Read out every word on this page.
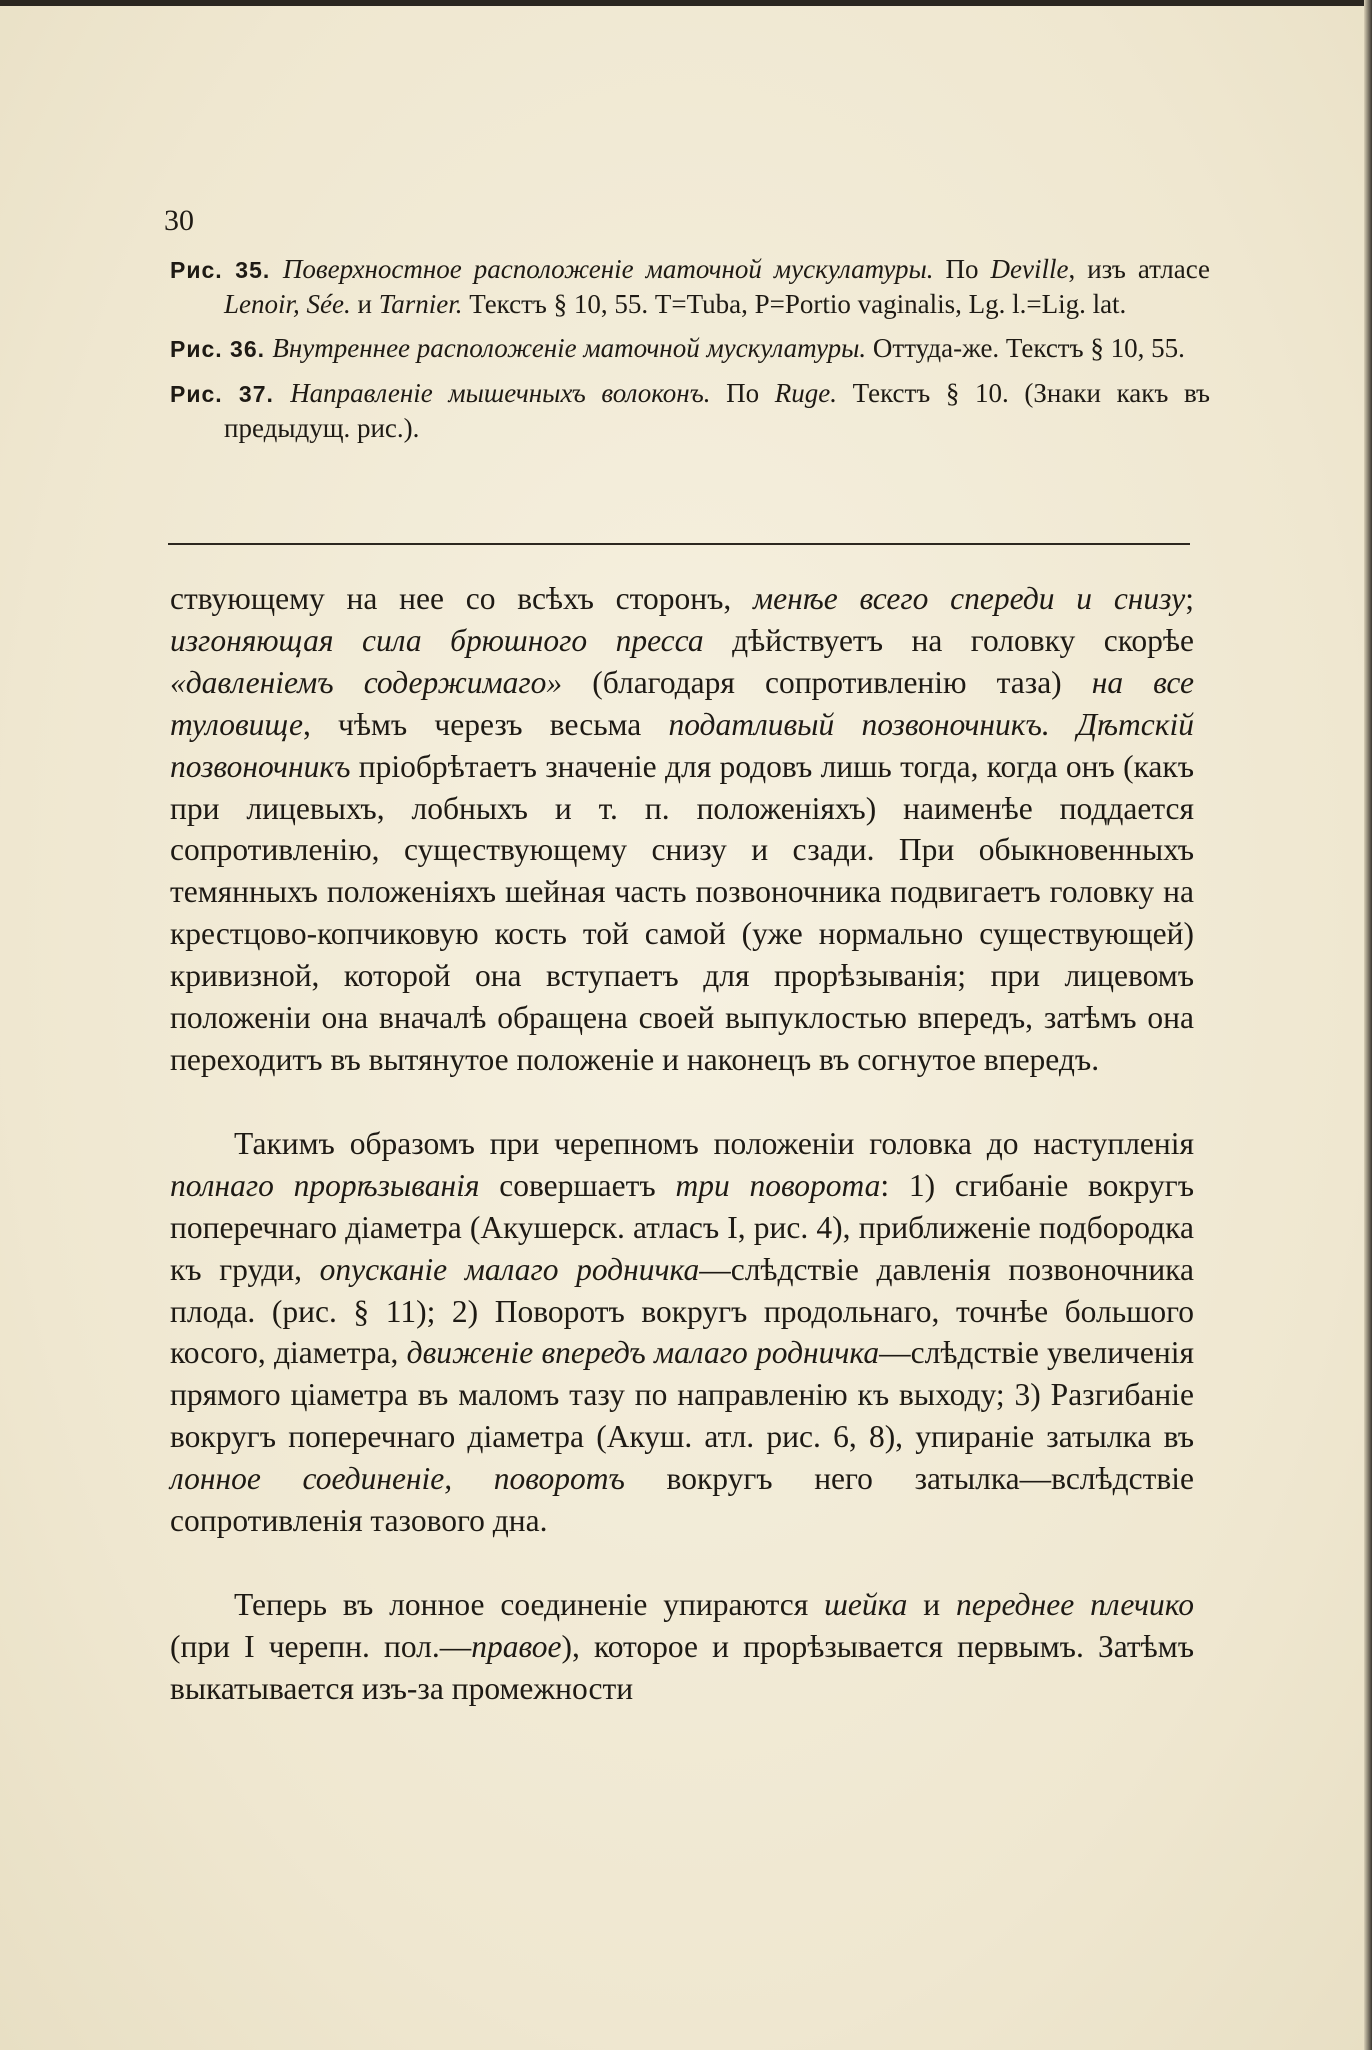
30

Рис. 35. Поверхностное расположеніе маточной мускулатуры. По Deville, изъ атласе Lenoir, Sée. и Tarnier. Текстъ § 10, 55. T=Tuba, P=Portio vaginalis, Lg. l.=Lig. lat.

Рис. 36. Внутреннее расположеніе маточной мускулатуры. Оттуда-же. Текстъ § 10, 55.

Рис. 37. Направленіе мышечныхъ волоконъ. По Ruge. Текстъ § 10. (Знаки какъ въ предыдущ. рис.).

ствующему на нее со всѣхъ сторонъ, менѣе всего спереди и снизу; изгоняющая сила брюшного пресса дѣйствуетъ на головку скорѣе «давленіемъ содержимаго» (благодаря сопротивленію таза) на все туловище, чѣмъ черезъ весьма податливый позвоночникъ. Дѣтскій позвоночникъ пріобрѣтаетъ значеніе для родовъ лишь тогда, когда онъ (какъ при лицевыхъ, лобныхъ и т. п. положеніяхъ) наименѣе поддается сопротивленію, существующему снизу и сзади. При обыкновенныхъ темянныхъ положеніяхъ шейная часть позвоночника подвигаетъ головку на крестцово-копчиковую кость той самой (уже нормально существующей) кривизной, которой она вступаетъ для прорѣзыванія; при лицевомъ положеніи она вначалѣ обращена своей выпуклостью впередъ, затѣмъ она переходитъ въ вытянутое положеніе и наконецъ въ согнутое впередъ.

Такимъ образомъ при черепномъ положеніи головка до наступленія полнаго прорѣзыванія совершаетъ три поворота: 1) сгибаніе вокругъ поперечнаго діаметра (Акушерск. атласъ I, рис. 4), приближеніе подбородка къ груди, опусканіе малаго родничка—слѣдствіе давленія позвоночника плода. (рис. § 11); 2) Поворотъ вокругъ продольнаго, точнѣе большого косого, діаметра, движеніе впередъ малаго родничка—слѣдствіе увеличенія прямого ціаметра въ маломъ тазу по направленію къ выходу; 3) Разгибаніе вокругъ поперечнаго діаметра (Акуш. атл. рис. 6, 8), упираніе затылка въ лонное соединеніе, поворотъ вокругъ него затылка—вслѣдствіе сопротивленія тазового дна.

Теперь въ лонное соединеніе упираются шейка и переднее плечико (при I черепн. пол.—правое), которое и прорѣзывается первымъ. Затѣмъ выкатывается изъ-за промежности
